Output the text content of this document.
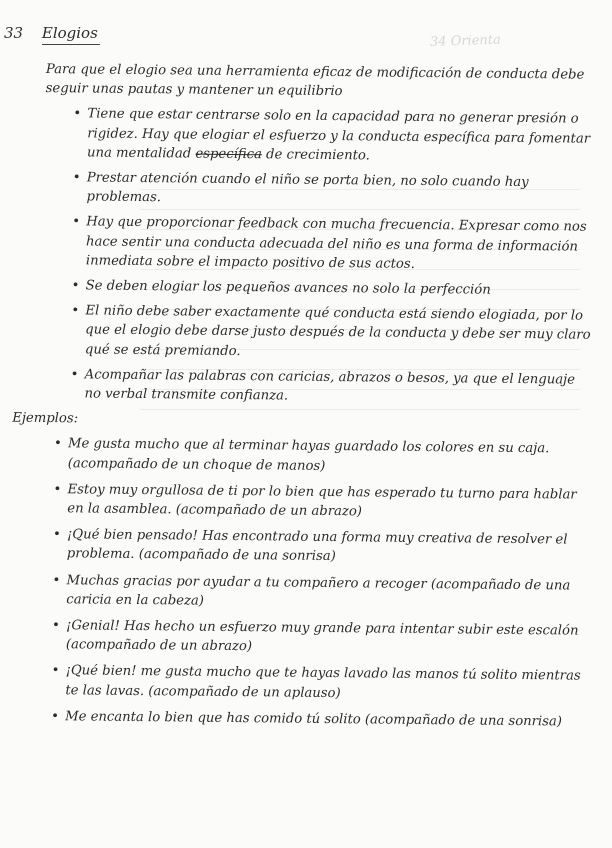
34 Orienta
33 Elogios

Para que el elogio sea una herramienta eficaz de modificación de conducta debe seguir unas pautas y mantener un equilibrio

• Tiene que estar centrarse solo en la capacidad para no generar presión o rigidez. Hay que elogiar el esfuerzo y la conducta específica para fomentar una mentalidad específica de crecimiento.
• Prestar atención cuando el niño se porta bien, no solo cuando hay problemas.
• Hay que proporcionar feedback con mucha frecuencia. Expresar como nos hace sentir una conducta adecuada del niño es una forma de información inmediata sobre el impacto positivo de sus actos.
• Se deben elogiar los pequeños avances no solo la perfección
• El niño debe saber exactamente qué conducta está siendo elogiada, por lo que el elogio debe darse justo después de la conducta y debe ser muy claro qué se está premiando.
• Acompañar las palabras con caricias, abrazos o besos, ya que el lenguaje no verbal transmite confianza.
Ejemplos:
• Me gusta mucho que al terminar hayas guardado los colores en su caja. (acompañado de un choque de manos)
• Estoy muy orgullosa de ti por lo bien que has esperado tu turno para hablar en la asamblea. (acompañado de un abrazo)
• ¡Qué bien pensado! Has encontrado una forma muy creativa de resolver el problema. (acompañado de una sonrisa)
• Muchas gracias por ayudar a tu compañero a recoger (acompañado de una caricia en la cabeza)
• ¡Genial! Has hecho un esfuerzo muy grande para intentar subir este escalón (acompañado de un abrazo)
• ¡Qué bien! me gusta mucho que te hayas lavado las manos tú solito mientras te las lavas. (acompañado de un aplauso)
• Me encanta lo bien que has comido tú solito (acompañado de una sonrisa)
